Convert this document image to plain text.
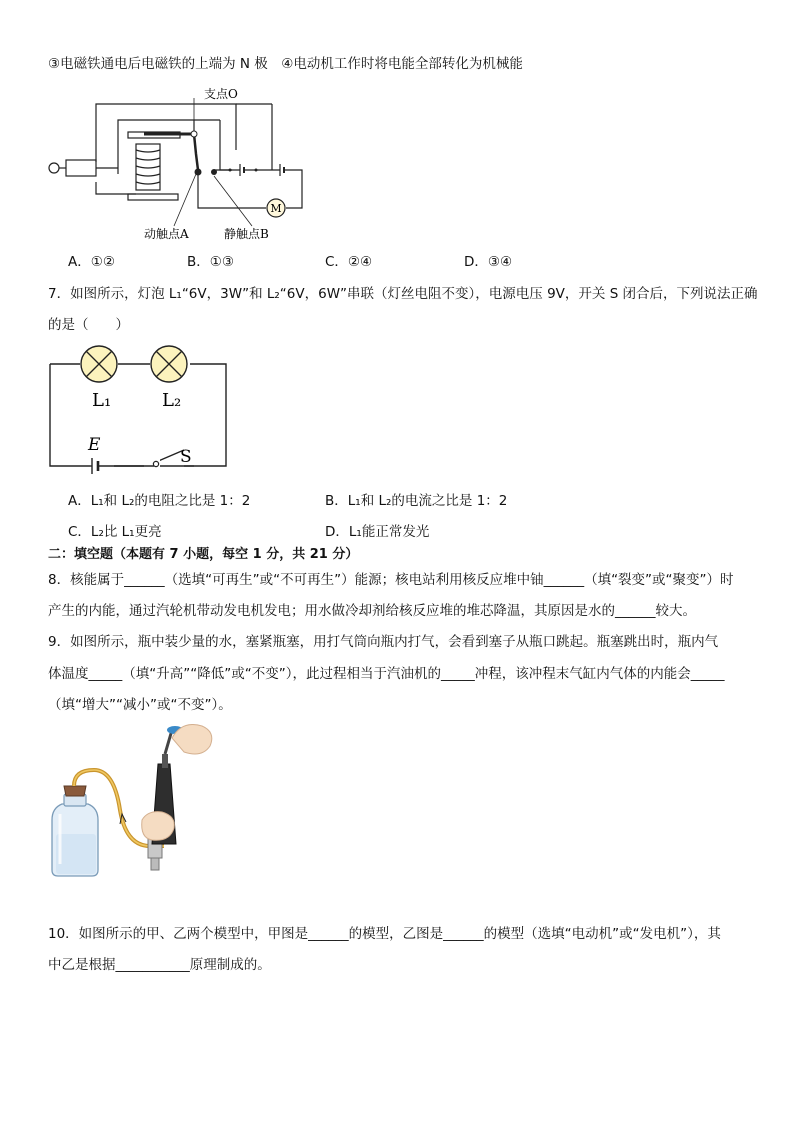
③电磁铁通电后电磁铁的上端为 N 极　④电动机工作时将电能全部转化为机械能
M
支点O
动触点A	静触点B
A．①②	B．①③	C．②④	D．③④
7．如图所示，灯泡 L₁“6V，3W”和 L₂“6V，6W”串联（灯丝电阻不变），电源电压 9V，开关 S 闭合后，下列说法正确
的是（　　）
L₁	L₂
E
S
A．L₁和 L₂的电阻之比是 1：2	B．L₁和 L₂的电流之比是 1：2
C．L₂比 L₁更亮	D．L₁能正常发光
二：填空题（本题有 7 小题，每空 1 分，共 21 分）
8．核能属于______（选填“可再生”或“不可再生”）能源；核电站利用核反应堆中铀______（填“裂变”或“聚变”）时
产生的内能，通过汽轮机带动发电机发电；用水做冷却剂给核反应堆的堆芯降温，其原因是水的______较大。
9．如图所示，瓶中装少量的水，塞紧瓶塞，用打气筒向瓶内打气，会看到塞子从瓶口跳起。瓶塞跳出时，瓶内气
体温度_____（填“升高”“降低”或“不变”），此过程相当于汽油机的_____冲程，该冲程末气缸内气体的内能会_____
（填“增大”“减小”或“不变”）。
10．如图所示的甲、乙两个模型中，甲图是______的模型，乙图是______的模型（选填“电动机”或“发电机”），其
中乙是根据___________原理制成的。
